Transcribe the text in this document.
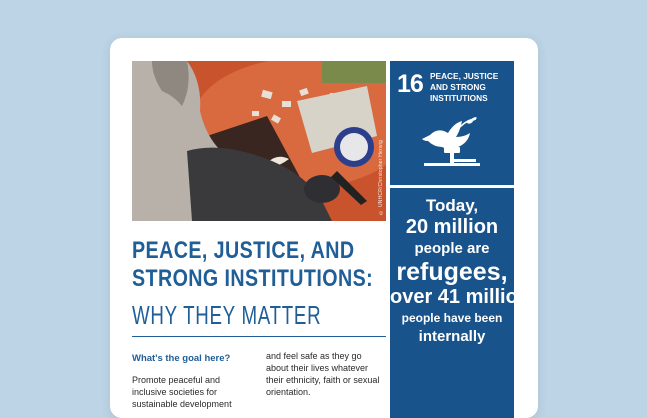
© UNHCR/Christopher Herwig
16 PEACE, JUSTICE AND STRONG INSTITUTIONS
Today,
20 million
people are
refugees,
over 41 million
people have been
internally
PEACE, JUSTICE, AND STRONG INSTITUTIONS:
WHY THEY MATTER
What's the goal here?
Promote peaceful and inclusive societies for sustainable development
and feel safe as they go about their lives whatever their ethnicity, faith or sexual orientation.
